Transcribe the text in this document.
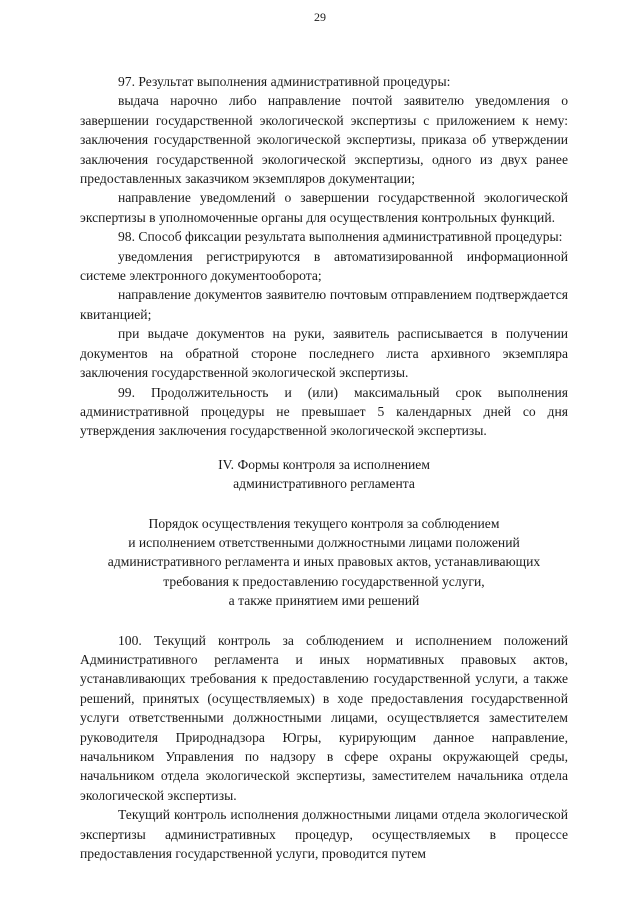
29

97. Результат выполнения административной процедуры:

выдача нарочно либо направление почтой заявителю уведомления о завершении государственной экологической экспертизы с приложением к нему: заключения государственной экологической экспертизы, приказа об утверждении заключения государственной экологической экспертизы, одного из двух ранее предоставленных заказчиком экземпляров документации;

направление уведомлений о завершении государственной экологической экспертизы в уполномоченные органы для осуществления контрольных функций.

98. Способ фиксации результата выполнения административной процедуры:

уведомления регистрируются в автоматизированной информационной системе электронного документооборота;

направление документов заявителю почтовым отправлением подтверждается квитанцией;

при выдаче документов на руки, заявитель расписывается в получении документов на обратной стороне последнего листа архивного экземпляра заключения государственной экологической экспертизы.

99. Продолжительность и (или) максимальный срок выполнения административной процедуры не превышает 5 календарных дней со дня утверждения заключения государственной экологической экспертизы.

IV. Формы контроля за исполнением
административного регламента
Порядок осуществления текущего контроля за соблюдением
и исполнением ответственными должностными лицами положений
административного регламента и иных правовых актов, устанавливающих
требования к предоставлению государственной услуги,
а также принятием ими решений

100. Текущий контроль за соблюдением и исполнением положений Административного регламента и иных нормативных правовых актов, устанавливающих требования к предоставлению государственной услуги, а также решений, принятых (осуществляемых) в ходе предоставления государственной услуги ответственными должностными лицами, осуществляется заместителем руководителя Природнадзора Югры, курирующим данное направление, начальником Управления по надзору в сфере охраны окружающей среды, начальником отдела экологической экспертизы, заместителем начальника отдела экологической экспертизы.

Текущий контроль исполнения должностными лицами отдела экологической экспертизы административных процедур, осуществляемых в процессе предоставления государственной услуги, проводится путем
